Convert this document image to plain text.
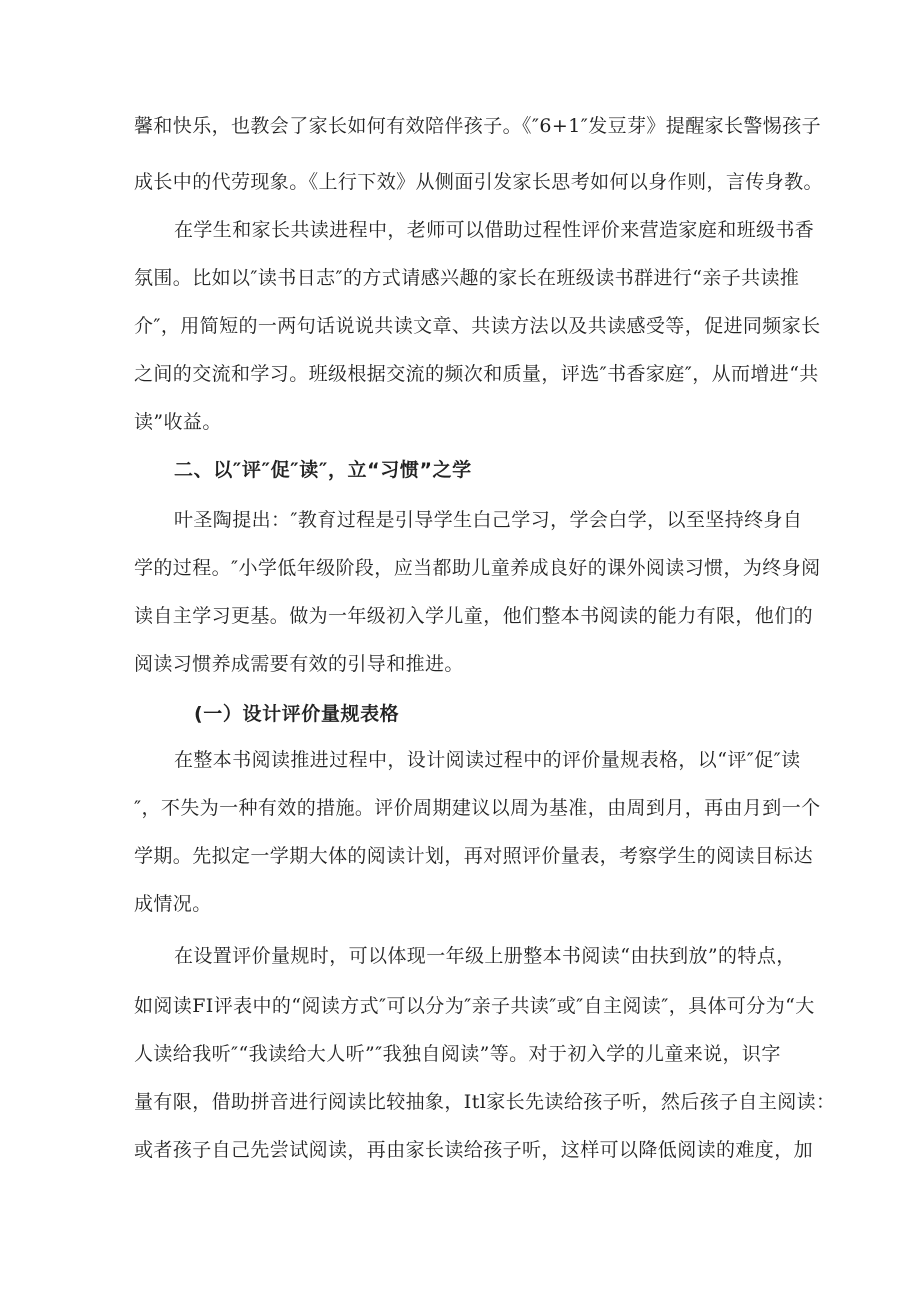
馨和快乐，也教会了家长如何有效陪伴孩子。《″6+1″发豆芽》提醒家长警惕孩子
成长中的代劳现象。《上行下效》从侧面引发家长思考如何以身作则，言传身教。
在学生和家长共读进程中，老师可以借助过程性评价来营造家庭和班级书香
氛围。比如以″读书日志″的方式请感兴趣的家长在班级读书群进行“亲子共读推
介″，用简短的一两句话说说共读文章、共读方法以及共读感受等，促进同频家长
之间的交流和学习。班级根据交流的频次和质量，评选″书香家庭″，从而增进“共
读”收益。
二、以″评″促″读″，立“习惯”之学
叶圣陶提出：″教育过程是引导学生白己学习，学会白学，以至坚持终身自
学的过程。″小学低年级阶段，应当都助儿童养成良好的课外阅读习惯，为终身阅
读自主学习更基。做为一年级初入学儿童，他们整本书阅读的能力有限，他们的
阅读习惯养成需要有效的引导和推进。
(一）设计评价量规表格
在整本书阅读推进过程中，设计阅读过程中的评价量规表格，以“评″促″读
″，不失为一种有效的措施。评价周期建议以周为基准，由周到月，再由月到一个
学期。先拟定一学期大体的阅读计划，再对照评价量表，考察学生的阅读目标达
成情况。
在设置评价量规时，可以体现一年级上册整本书阅读“由扶到放”的特点，
如阅读FI评表中的“阅读方式″可以分为″亲子共读″或″自主阅读″，具体可分为“大
人读给我听″“我读给大人听”″我独自阅读”等。对于初入学的儿童来说，识字
量有限，借助拼音进行阅读比较抽象，Itl家长先读给孩子听，然后孩子自主阅读：
或者孩子自己先尝试阅读，再由家长读给孩子听，这样可以降低阅读的难度，加
